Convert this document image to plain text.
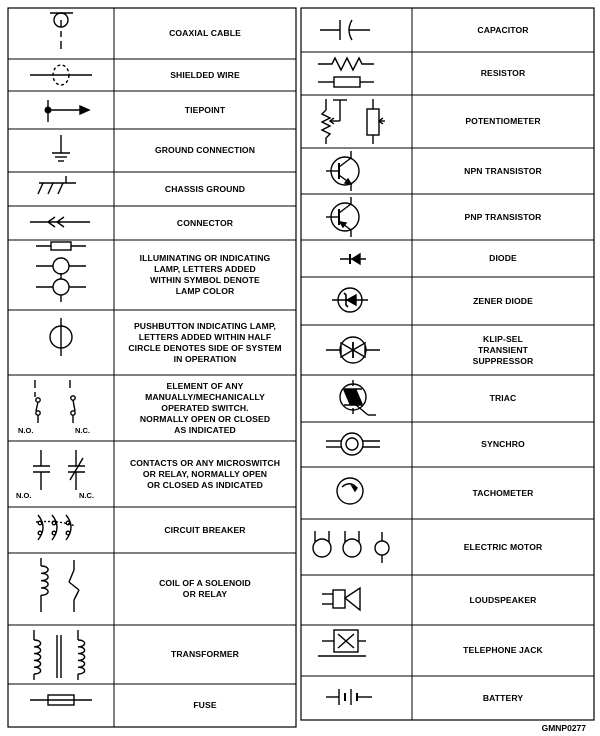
N.O.	N.C.
N.O.	N.C.
COAXIAL CABLE
SHIELDED WIRE
TIEPOINT
GROUND CONNECTION
CHASSIS GROUND
CONNECTOR
ILLUMINATING OR INDICATING
LAMP, LETTERS ADDED
WITHIN SYMBOL DENOTE
LAMP COLOR
PUSHBUTTON INDICATING LAMP,
LETTERS ADDED WITHIN HALF
CIRCLE DENOTES SIDE OF SYSTEM
IN OPERATION
ELEMENT OF ANY
MANUALLY/MECHANICALLY
OPERATED SWITCH.
NORMALLY OPEN OR CLOSED
AS INDICATED
CONTACTS OR ANY MICROSWITCH
OR RELAY, NORMALLY OPEN
OR CLOSED AS INDICATED
CIRCUIT BREAKER
COIL OF A SOLENOID
OR RELAY
TRANSFORMER
FUSE
CAPACITOR
RESISTOR
POTENTIOMETER
NPN TRANSISTOR
PNP TRANSISTOR
DIODE
ZENER DIODE
KLIP-SEL
TRANSIENT
SUPPRESSOR
TRIAC
SYNCHRO
TACHOMETER
ELECTRIC MOTOR
LOUDSPEAKER
TELEPHONE JACK
BATTERY
GMNP0277
